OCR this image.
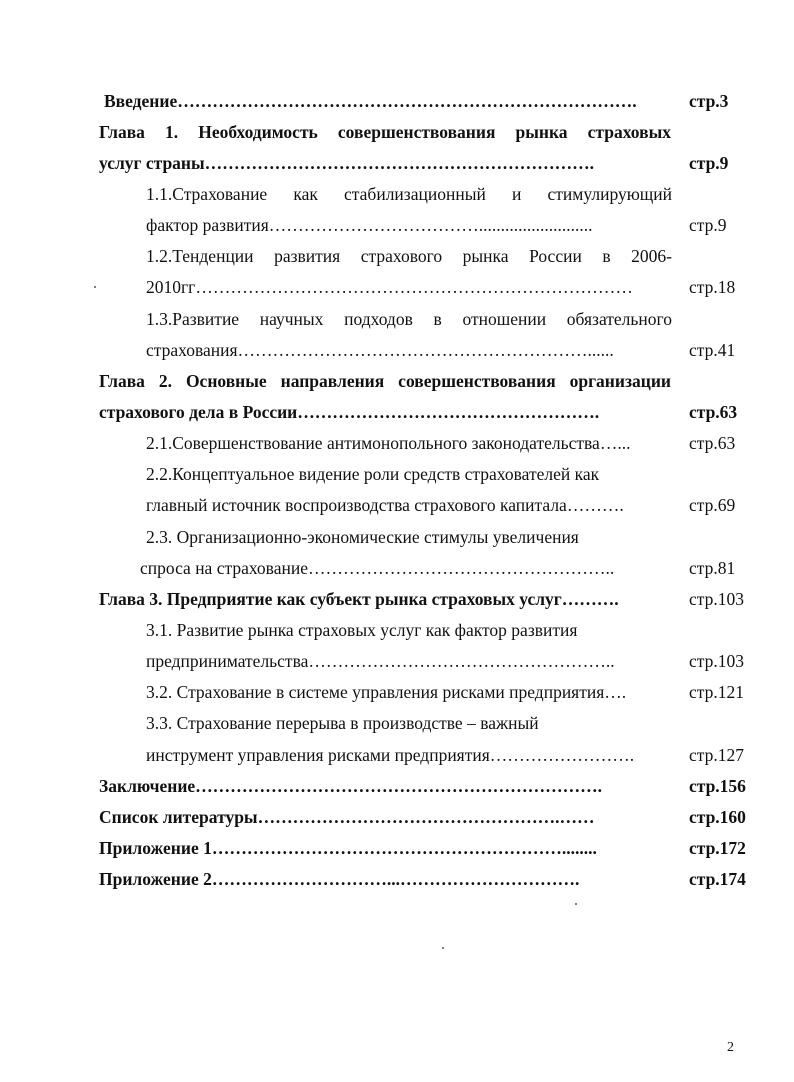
Введение…………………………………………………………………….	стр.3
Глава 1. Необходимость совершенствования рынка страховых
услуг страны………………………………………………………….	стр.9
1.1.Страхование как стабилизационный и стимулирующий
фактор развития………………………………..........................	стр.9
1.2.Тенденции развития страхового рынка России в 2006-
2010гг…………………………………………………………………	стр.18
1.3.Развитие научных подходов в отношении обязательного
страхования……………………………………………………......	стр.41
Глава 2. Основные направления совершенствования организации
страхового дела в России…………………………………………….	стр.63
2.1.Совершенствование антимонопольного законодательства…...	стр.63
2.2.Концептуальное видение роли средств страхователей как
главный источник воспроизводства страхового капитала……….	стр.69
2.3. Организационно-экономические стимулы увеличения
спроса на страхование……………………………………………..	стр.81
Глава 3. Предприятие как субъект рынка страховых услуг……….	стр.103
3.1. Развитие рынка страховых услуг как фактор развития
предпринимательства……………………………………………..	стр.103
3.2. Страхование в системе управления рисками предприятия….	стр.121
3.3. Страхование перерыва в производстве – важный
инструмент управления рисками предприятия…………………….	стр.127
Заключение…………………………………………………………….	стр.156
Список литературы…………………………………………….……	стр.160
Приложение 1……………………………………………………........	стр.172
Приложение 2…………………………...………………………….	стр.174
2
